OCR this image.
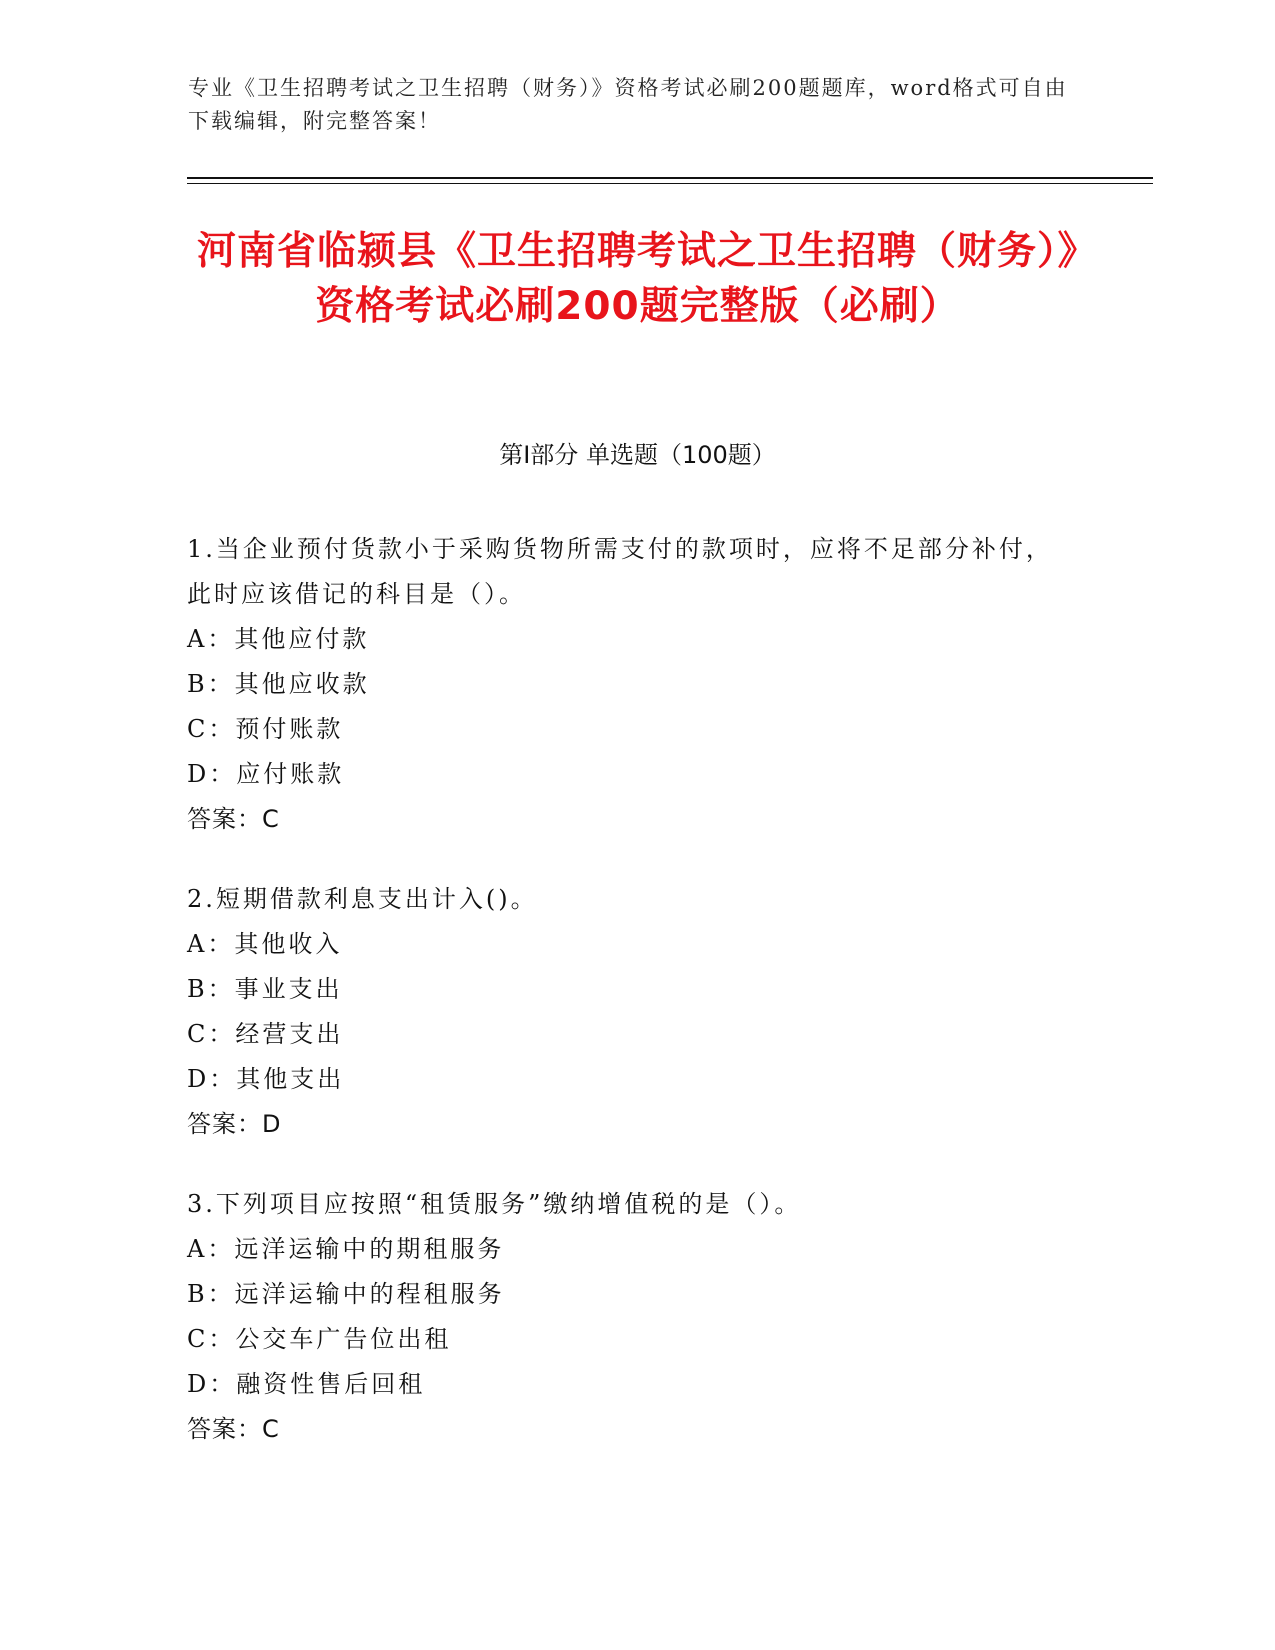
专业《卫生招聘考试之卫生招聘（财务）》资格考试必刷200题题库，word格式可自由下载编辑，附完整答案！
河南省临颍县《卫生招聘考试之卫生招聘（财务）》资格考试必刷200题完整版（必刷）
第Ⅰ部分 单选题（100题）
1.当企业预付货款小于采购货物所需支付的款项时，应将不足部分补付，此时应该借记的科目是（）。
A：其他应付款
B：其他应收款
C：预付账款
D：应付账款
答案：C
2.短期借款利息支出计入()。
A：其他收入
B：事业支出
C：经营支出
D：其他支出
答案：D
3.下列项目应按照“租赁服务”缴纳增值税的是（）。
A：远洋运输中的期租服务
B：远洋运输中的程租服务
C：公交车广告位出租
D：融资性售后回租
答案：C
